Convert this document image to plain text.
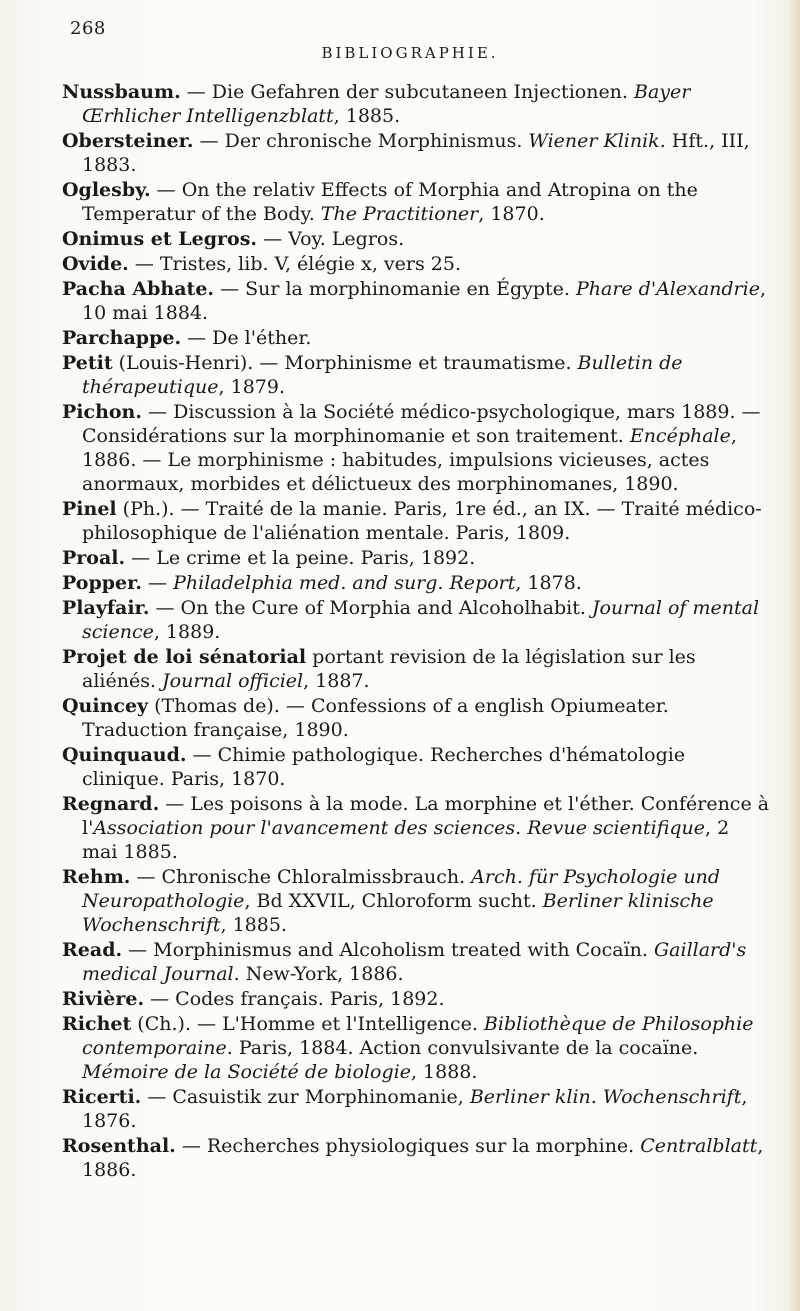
268
BIBLIOGRAPHIE.
Nussbaum. — Die Gefahren der subcutaneen Injectionen. Bayer Œrhlicher Intelligenzblatt, 1885.
Obersteiner. — Der chronische Morphinismus. Wiener Klinik. Hft., III, 1883.
Oglesby. — On the relativ Effects of Morphia and Atropina on the Temperatur of the Body. The Practitioner, 1870.
Onimus et Legros. — Voy. Legros.
Ovide. — Tristes, lib. V, élégie x, vers 25.
Pacha Abhate. — Sur la morphinomanie en Égypte. Phare d'Alexandrie, 10 mai 1884.
Parchappe. — De l'éther.
Petit (Louis-Henri). — Morphinisme et traumatisme. Bulletin de thérapeutique, 1879.
Pichon. — Discussion à la Société médico-psychologique, mars 1889. — Considérations sur la morphinomanie et son traitement. Encéphale, 1886. — Le morphinisme : habitudes, impulsions vicieuses, actes anormaux, morbides et délictueux des morphinomanes, 1890.
Pinel (Ph.). — Traité de la manie. Paris, 1re éd., an IX. — Traité médico-philosophique de l'aliénation mentale. Paris, 1809.
Proal. — Le crime et la peine. Paris, 1892.
Popper. — Philadelphia med. and surg. Report, 1878.
Playfair. — On the Cure of Morphia and Alcoholhabit. Journal of mental science, 1889.
Projet de loi sénatorial portant revision de la législation sur les aliénés. Journal officiel, 1887.
Quincey (Thomas de). — Confessions of a english Opiumeater. Traduction française, 1890.
Quinquaud. — Chimie pathologique. Recherches d'hématologie clinique. Paris, 1870.
Regnard. — Les poisons à la mode. La morphine et l'éther. Conférence à l'Association pour l'avancement des sciences. Revue scientifique, 2 mai 1885.
Rehm. — Chronische Chloralmissbrauch. Arch. für Psychologie und Neuropathologie, Bd XXVIL, Chloroform sucht. Berliner klinische Wochenschrift, 1885.
Read. — Morphinismus and Alcoholism treated with Cocaïn. Gaillard's medical Journal. New-York, 1886.
Rivière. — Codes français. Paris, 1892.
Richet (Ch.). — L'Homme et l'Intelligence. Bibliothèque de Philosophie contemporaine. Paris, 1884. Action convulsivante de la cocaïne. Mémoire de la Société de biologie, 1888.
Ricerti. — Casuistik zur Morphinomanie, Berliner klin. Wochenschrift, 1876.
Rosenthal. — Recherches physiologiques sur la morphine. Centralblatt, 1886.
